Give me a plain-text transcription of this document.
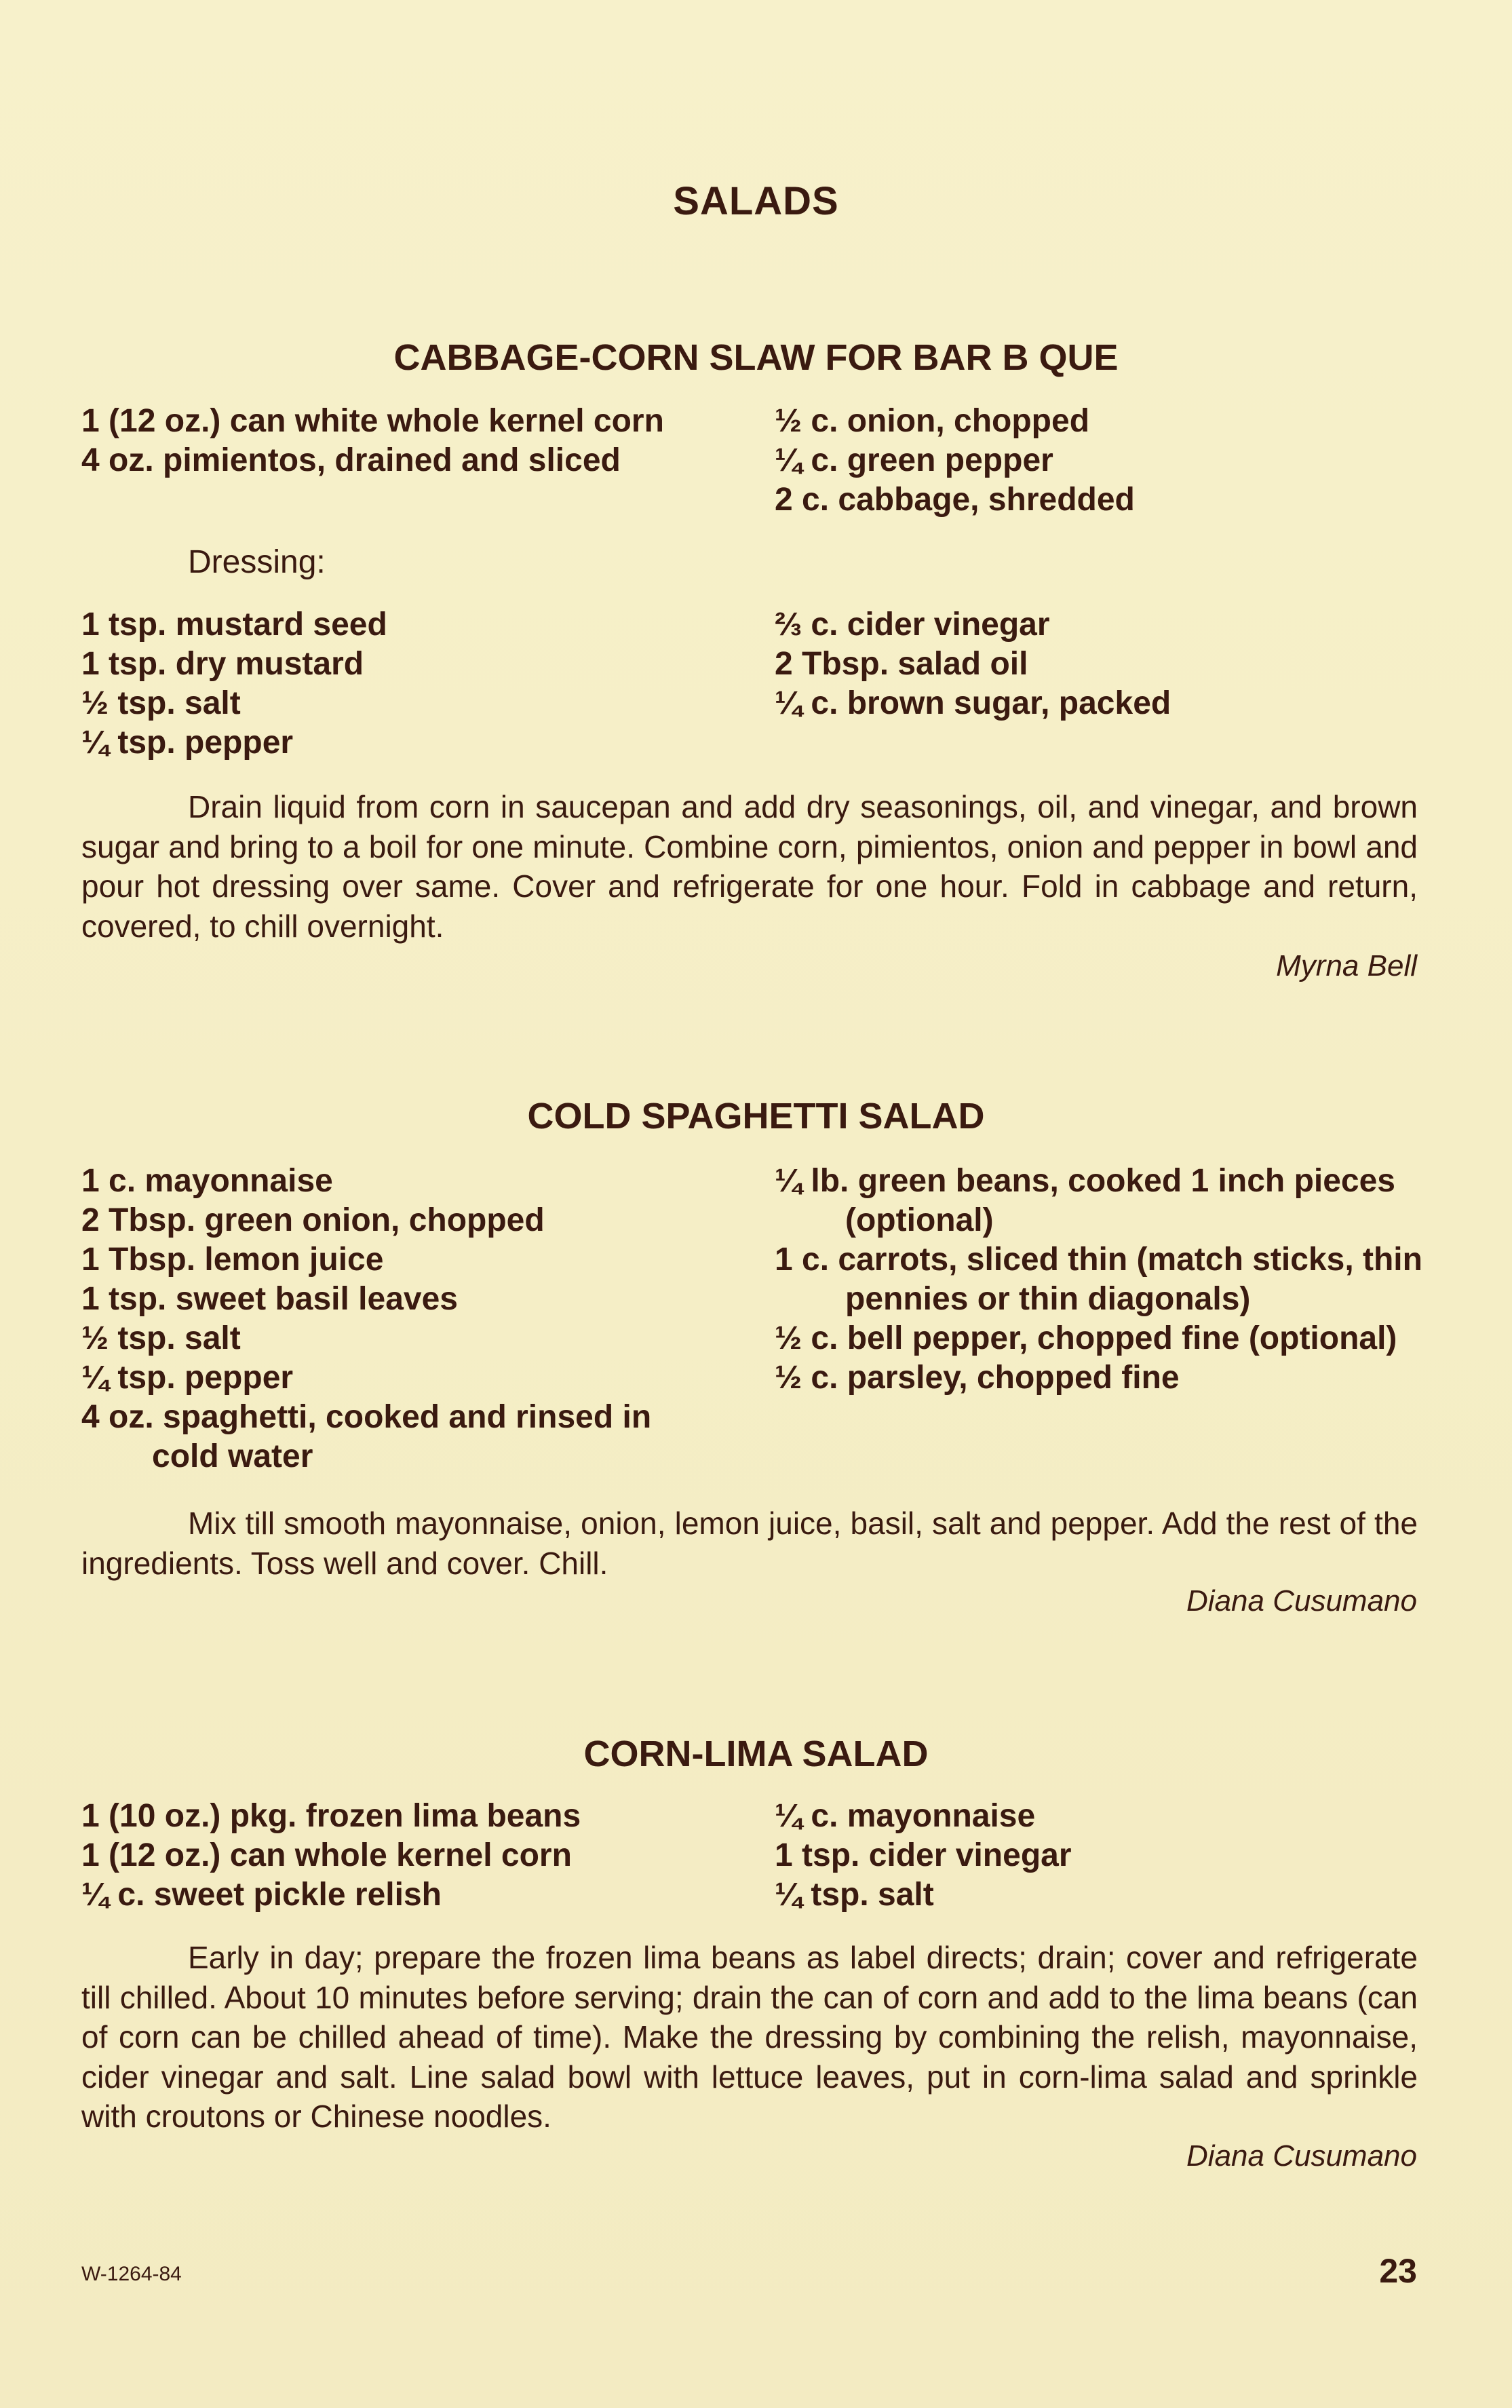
SALADS
CABBAGE-CORN SLAW FOR BAR B QUE
1 (12 oz.) can white whole kernel corn
4 oz. pimientos, drained and sliced
½ c. onion, chopped
¼ c. green pepper
2 c. cabbage, shredded
Dressing:
1 tsp. mustard seed
1 tsp. dry mustard
½ tsp. salt
¼ tsp. pepper
⅔ c. cider vinegar
2 Tbsp. salad oil
¼ c. brown sugar, packed
Drain liquid from corn in saucepan and add dry seasonings, oil, and vinegar, and brown sugar and bring to a boil for one minute. Combine corn, pimientos, onion and pepper in bowl and pour hot dressing over same. Cover and refrigerate for one hour. Fold in cabbage and return, covered, to chill overnight.
Myrna Bell
COLD SPAGHETTI SALAD
1 c. mayonnaise
2 Tbsp. green onion, chopped
1 Tbsp. lemon juice
1 tsp. sweet basil leaves
½ tsp. salt
¼ tsp. pepper
4 oz. spaghetti, cooked and rinsed in cold water
¼ lb. green beans, cooked 1 inch pieces (optional)
1 c. carrots, sliced thin (match sticks, thin pennies or thin diagonals)
½ c. bell pepper, chopped fine (optional)
½ c. parsley, chopped fine
Mix till smooth mayonnaise, onion, lemon juice, basil, salt and pepper. Add the rest of the ingredients. Toss well and cover. Chill.
Diana Cusumano
CORN-LIMA SALAD
1 (10 oz.) pkg. frozen lima beans
1 (12 oz.) can whole kernel corn
¼ c. sweet pickle relish
¼ c. mayonnaise
1 tsp. cider vinegar
¼ tsp. salt
Early in day; prepare the frozen lima beans as label directs; drain; cover and refrigerate till chilled. About 10 minutes before serving; drain the can of corn and add to the lima beans (can of corn can be chilled ahead of time). Make the dressing by combining the relish, mayonnaise, cider vinegar and salt. Line salad bowl with lettuce leaves, put in corn-lima salad and sprinkle with croutons or Chinese noodles.
Diana Cusumano
W-1264-84	23
